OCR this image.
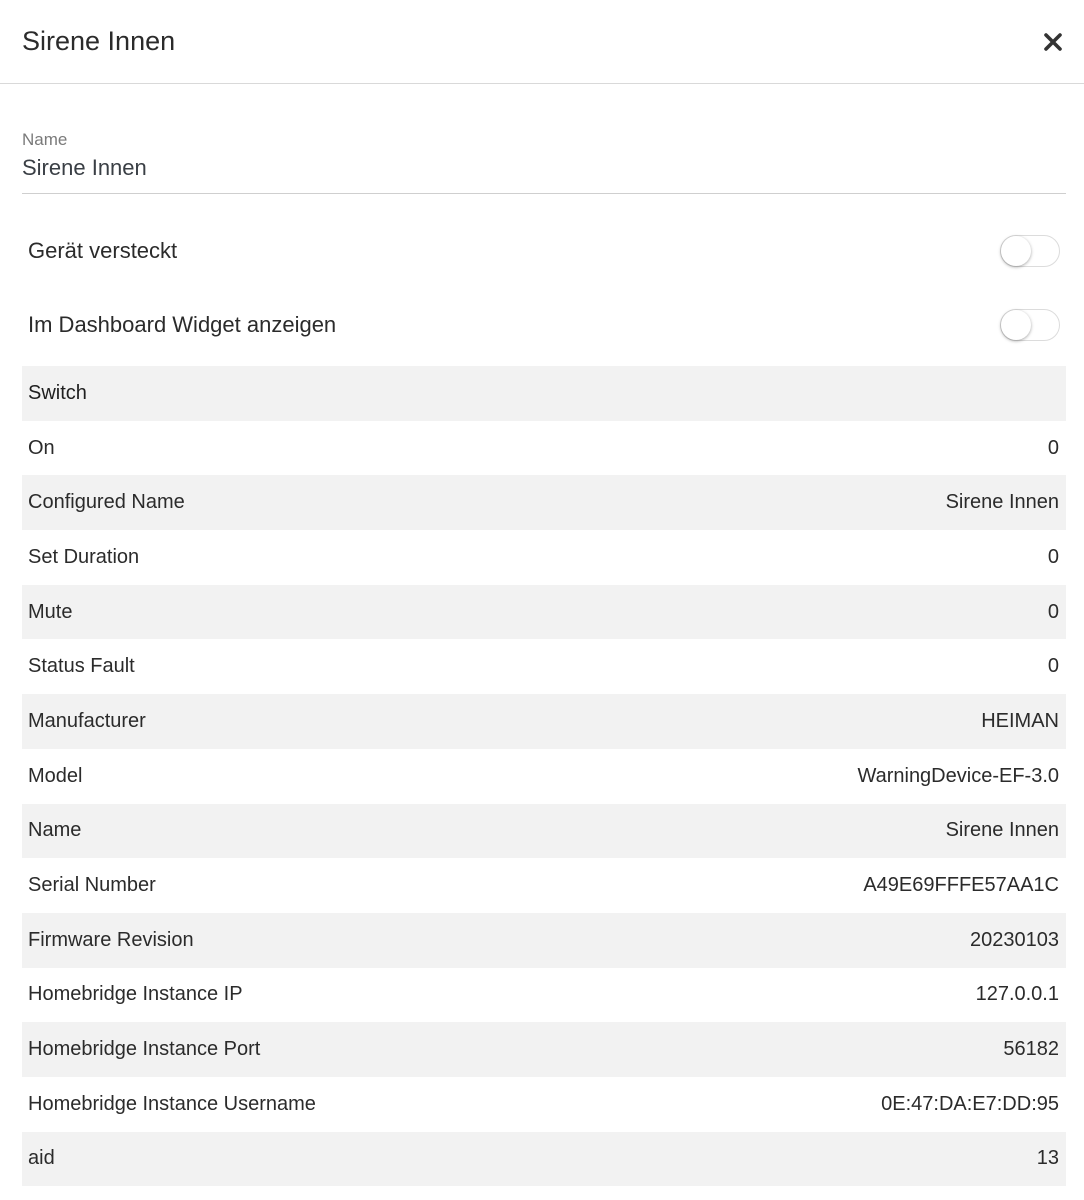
Sirene Innen
Name
Sirene Innen
Gerät versteckt
Im Dashboard Widget anzeigen
Switch
On	0
Configured Name	Sirene Innen
Set Duration	0
Mute	0
Status Fault	0
Manufacturer	HEIMAN
Model	WarningDevice-EF-3.0
Name	Sirene Innen
Serial Number	A49E69FFFE57AA1C
Firmware Revision	20230103
Homebridge Instance IP	127.0.0.1
Homebridge Instance Port	56182
Homebridge Instance Username	0E:47:DA:E7:DD:95
aid	13
